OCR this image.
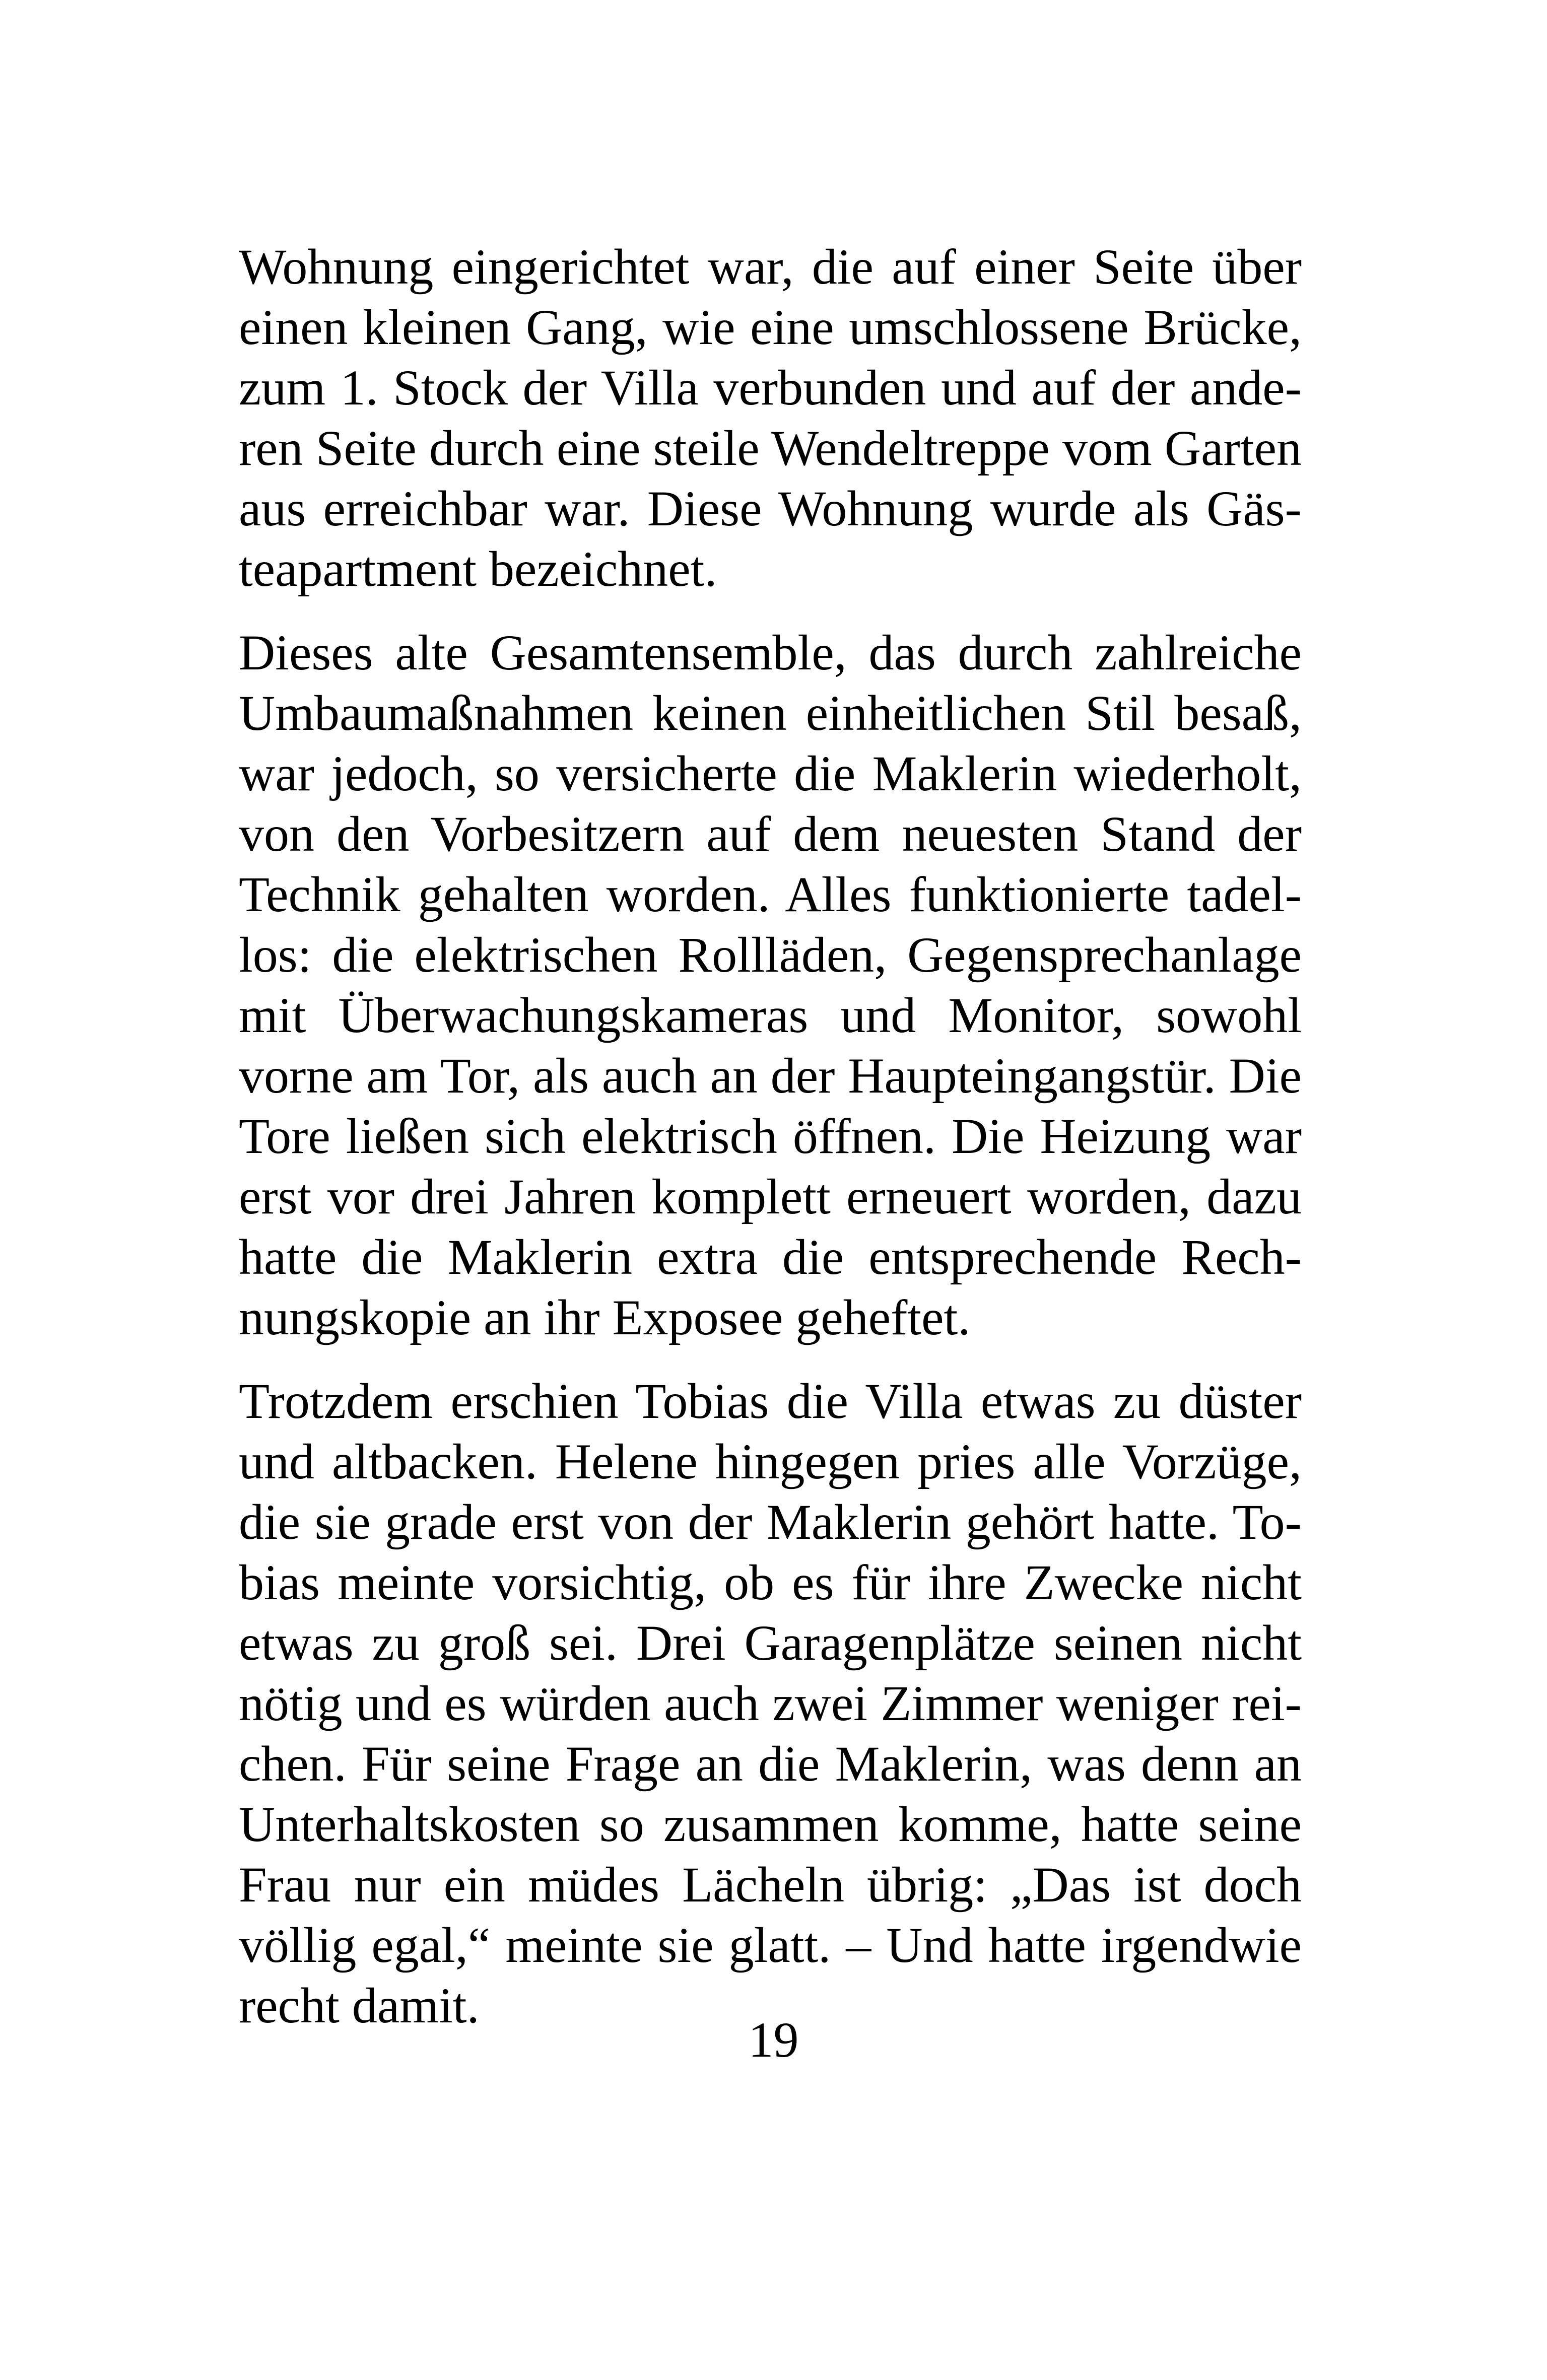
Wohnung eingerichtet war, die auf einer Seite über
einen kleinen Gang, wie eine umschlossene Brücke,
zum 1. Stock der Villa verbunden und auf der ande-
ren Seite durch eine steile Wendeltreppe vom Garten
aus erreichbar war. Diese Wohnung wurde als Gäs-
teapartment bezeichnet.

Dieses alte Gesamtensemble, das durch zahlreiche
Umbaumaßnahmen keinen einheitlichen Stil besaß,
war jedoch, so versicherte die Maklerin wiederholt,
von den Vorbesitzern auf dem neuesten Stand der
Technik gehalten worden. Alles funktionierte tadel-
los: die elektrischen Rollläden, Gegensprechanlage
mit Überwachungskameras und Monitor, sowohl
vorne am Tor, als auch an der Haupteingangstür. Die
Tore ließen sich elektrisch öffnen. Die Heizung war
erst vor drei Jahren komplett erneuert worden, dazu
hatte die Maklerin extra die entsprechende Rech-
nungskopie an ihr Exposee geheftet.

Trotzdem erschien Tobias die Villa etwas zu düster
und altbacken. Helene hingegen pries alle Vorzüge,
die sie grade erst von der Maklerin gehört hatte. To-
bias meinte vorsichtig, ob es für ihre Zwecke nicht
etwas zu groß sei. Drei Garagenplätze seinen nicht
nötig und es würden auch zwei Zimmer weniger rei-
chen. Für seine Frage an die Maklerin, was denn an
Unterhaltskosten so zusammen komme, hatte seine
Frau nur ein müdes Lächeln übrig: „Das ist doch
völlig egal,“ meinte sie glatt. – Und hatte irgendwie
recht damit.

19
